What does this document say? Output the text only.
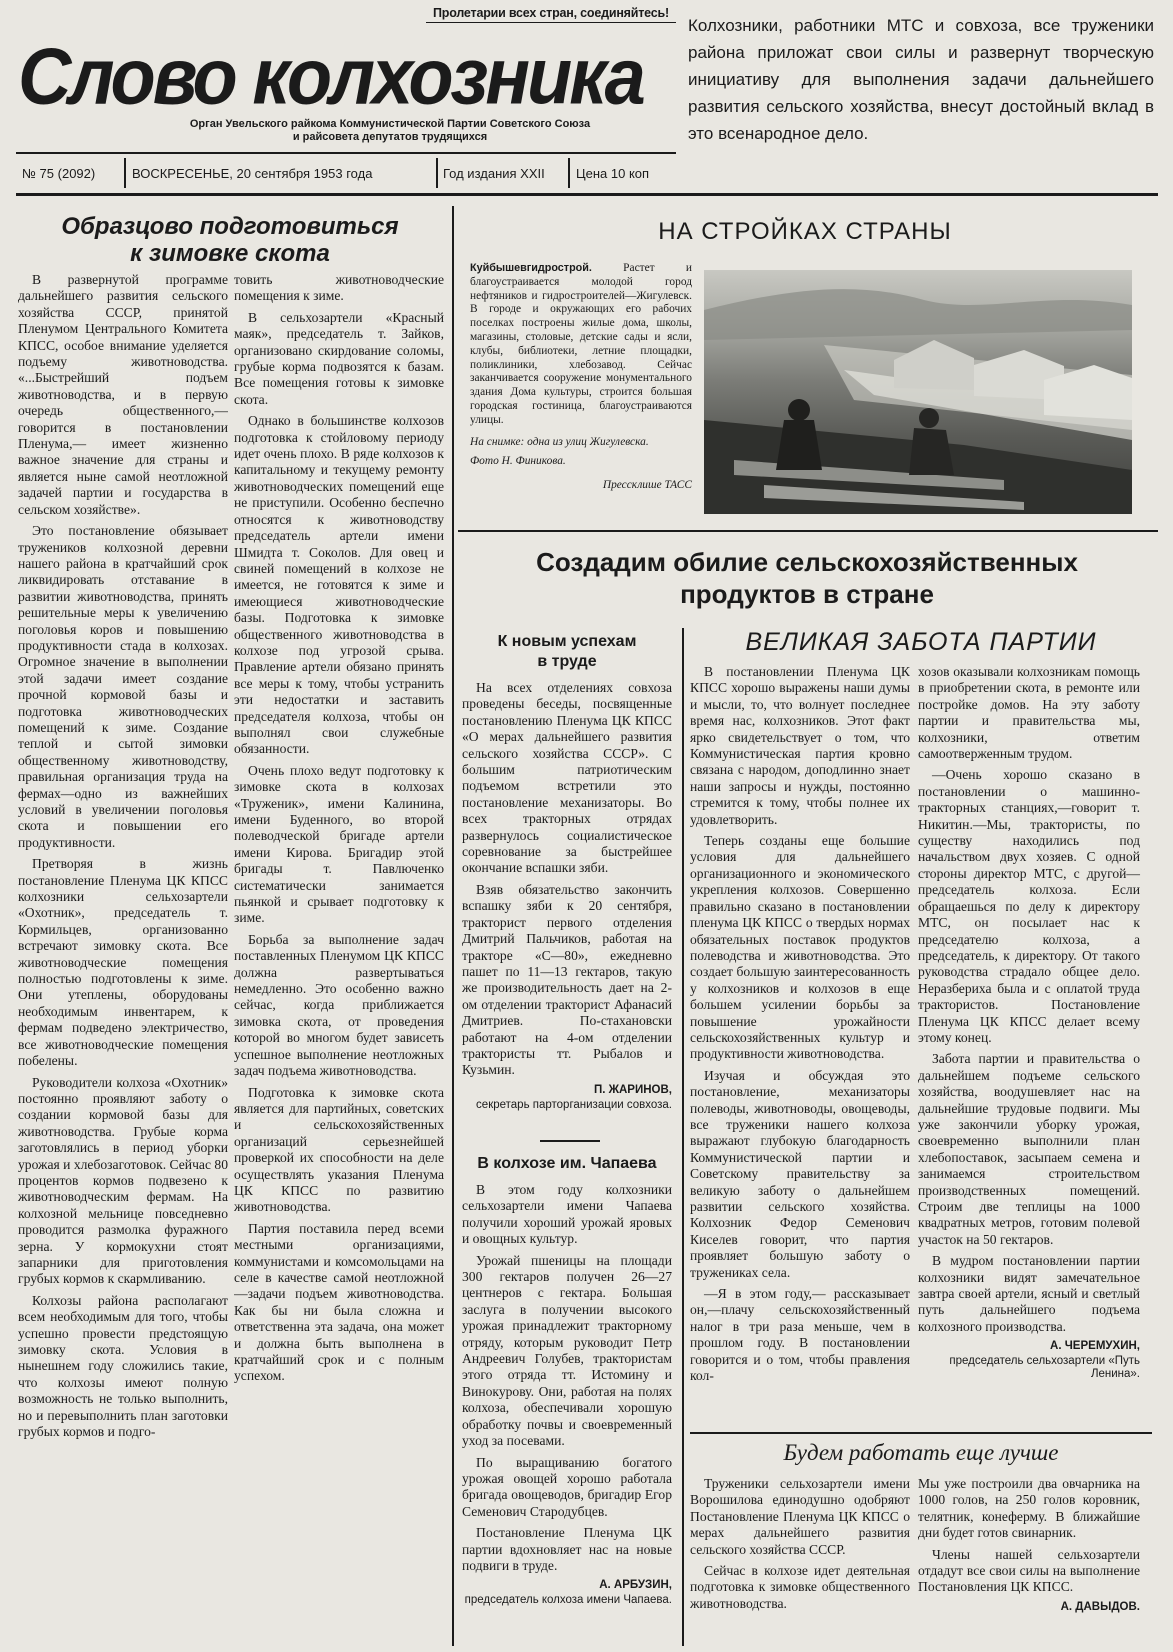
Пролетарии всех стран, соединяйтесь!
Слово колхозника
Орган Увельского райкома Коммунистической Партии Советского Союза
и райсовета депутатов трудящихся
№ 75 (2092)	ВОСКРЕСЕНЬЕ, 20 сентября 1953 года	Год издания XXII Цена 10 коп
Колхозники, работники МТС и совхоза, все труженики района приложат свои силы и развернут творческую инициативу для выполнения задачи дальнейшего развития сельского хозяйства, внесут достойный вклад в это всенародное дело.
Образцово подготовиться
к зимовке скота

В развернутой программе дальнейшего развития сельского хозяйства СССР, принятой Пленумом Центрального Комитета КПСС, особое внимание уделяется подъему животноводства. «...Быстрейший подъем животноводства, и в первую очередь общественного,— говорится в постановлении Пленума,— имеет жизненно важное значение для страны и является ныне самой неотложной задачей партии и государства в сельском хозяйстве».

Это постановление обязывает тружеников колхозной деревни нашего района в кратчайший срок ликвидировать отставание в развитии животноводства, принять решительные меры к увеличению поголовья коров и повышению продуктивности стада в колхозах. Огромное значение в выполнении этой задачи имеет создание прочной кормовой базы и подготовка животноводческих помещений к зиме. Создание теплой и сытой зимовки общественному животноводству, правильная организация труда на фермах—одно из важнейших условий в увеличении поголовья скота и повышении его продуктивности.

Претворяя в жизнь постановление Пленума ЦК КПСС колхозники сельхозартели «Охотник», председатель т. Кормильцев, организованно встречают зимовку скота. Все животноводческие помещения полностью подготовлены к зиме. Они утеплены, оборудованы необходимым инвентарем, к фермам подведено электричество, все животноводческие помещения побелены.

Руководители колхоза «Охотник» постоянно проявляют заботу о создании кормовой базы для животноводства. Грубые корма заготовлялись в период уборки урожая и хлебозаготовок. Сейчас 80 процентов кормов подвезено к животноводческим фермам. На колхозной мельнице повседневно проводится размолка фуражного зерна. У кормокухни стоят запарники для приготовления грубых кормов к скармливанию.

Колхозы района располагают всем необходимым для того, чтобы успешно провести предстоящую зимовку скота. Условия в нынешнем году сложились такие, что колхозы имеют полную возможность не только выполнить, но и перевыполнить план заготовки грубых кормов и подго-

товить животноводческие помещения к зиме.

В сельхозартели «Красный маяк», председатель т. Зайков, организовано скирдование соломы, грубые корма подвозятся к базам. Все помещения готовы к зимовке скота.

Однако в большинстве колхозов подготовка к стойловому периоду идет очень плохо. В ряде колхозов к капитальному и текущему ремонту животноводческих помещений еще не приступили. Особенно беспечно относятся к животноводству председатель артели имени Шмидта т. Соколов. Для овец и свиней помещений в колхозе не имеется, не готовятся к зиме и имеющиеся животноводческие базы. Подготовка к зимовке общественного животноводства в колхозе под угрозой срыва. Правление артели обязано принять все меры к тому, чтобы устранить эти недостатки и заставить председателя колхоза, чтобы он выполнял свои служебные обязанности.

Очень плохо ведут подготовку к зимовке скота в колхозах «Труженик», имени Калинина, имени Буденного, во второй полеводческой бригаде артели имени Кирова. Бригадир этой бригады т. Павлюченко систематически занимается пьянкой и срывает подготовку к зиме.

Борьба за выполнение задач поставленных Пленумом ЦК КПСС должна развертываться немедленно. Это особенно важно сейчас, когда приближается зимовка скота, от проведения которой во многом будет зависеть успешное выполнение неотложных задач подъема животноводства.

Подготовка к зимовке скота является для партийных, советских и сельскохозяйственных организаций серьезнейшей проверкой их способности на деле осуществлять указания Пленума ЦК КПСС по развитию животноводства.

Партия поставила перед всеми местными организациями, коммунистами и комсомольцами на селе в качестве самой неотложной—задачи подъем животноводства. Как бы ни была сложна и ответственна эта задача, она может и должна быть выполнена в кратчайший срок и с полным успехом.

НА СТРОЙКАХ СТРАНЫ
Куйбышевгидрострой. Растет и благоустраивается молодой город нефтяников и гидростроителей—Жигулевск. В городе и окружающих его рабочих поселках построены жилые дома, школы, магазины, столовые, детские сады и ясли, клубы, библиотеки, летние площадки, поликлиники, хлебозавод. Сейчас заканчивается сооружение монументального здания Дома культуры, строится большая городская гостиница, благоустраиваются улицы.
На снимке: одна из улиц Жигулевска.
Фото Н. Финикова.
Прессклише ТАСС
Создадим обилие сельскохозяйственных
продуктов в стране
К новым успехам
в труде

На всех отделениях совхоза проведены беседы, посвященные постановлению Пленума ЦК КПСС «О мерах дальнейшего развития сельского хозяйства СССР». С большим патриотическим подъемом встретили это постановление механизаторы. Во всех тракторных отрядах развернулось социалистическое соревнование за быстрейшее окончание вспашки зяби.

Взяв обязательство закончить вспашку зяби к 20 сентября, тракторист первого отделения Дмитрий Пальчиков, работая на тракторе «С—80», ежедневно пашет по 11—13 гектаров, такую же производительность дает на 2-ом отделении тракторист Афанасий Дмитриев. По-стахановски работают на 4-ом отделении трактористы тт. Рыбалов и Кузьмин.

П. ЖАРИНОВ,
секретарь парторганизации совхоза.
В колхозе им. Чапаева

В этом году колхозники сельхозартели имени Чапаева получили хороший урожай яровых и овощных культур.

Урожай пшеницы на площади 300 гектаров получен 26—27 центнеров с гектара. Большая заслуга в получении высокого урожая принадлежит тракторному отряду, которым руководит Петр Андреевич Голубев, трактористам этого отряда тт. Истомину и Винокурову. Они, работая на полях колхоза, обеспечивали хорошую обработку почвы и своевременный уход за посевами.

По выращиванию богатого урожая овощей хорошо работала бригада овощеводов, бригадир Егор Семенович Стародубцев.

Постановление Пленума ЦК партии вдохновляет нас на новые подвиги в труде.

А. АРБУЗИН,
председатель колхоза имени Чапаева.
ВЕЛИКАЯ ЗАБОТА ПАРТИИ

В постановлении Пленума ЦК КПСС хорошо выражены наши думы и мысли, то, что волнует последнее время нас, колхозников. Этот факт ярко свидетельствует о том, что Коммунистическая партия кровно связана с народом, доподлинно знает наши запросы и нужды, постоянно стремится к тому, чтобы полнее их удовлетворить.

Теперь созданы еще большие условия для дальнейшего организационного и экономического укрепления колхозов. Совершенно правильно сказано в постановлении пленума ЦК КПСС о твердых нормах обязательных поставок продуктов полеводства и животноводства. Это создает большую заинтересованность у колхозников и колхозов в еще большем усилении борьбы за повышение урожайности сельскохозяйственных культур и продуктивности животноводства.

Изучая и обсуждая это постановление, механизаторы полеводы, животноводы, овощеводы, все труженики нашего колхоза выражают глубокую благодарность Коммунистической партии и Советскому правительству за великую заботу о дальнейшем развитии сельского хозяйства. Колхозник Федор Семенович Киселев говорит, что партия проявляет большую заботу о тружениках села.

—Я в этом году,— рассказывает он,—плачу сельскохозяйственный налог в три раза меньше, чем в прошлом году. В постановлении говорится и о том, чтобы правления кол-

хозов оказывали колхозникам помощь в приобретении скота, в ремонте или постройке домов. На эту заботу партии и правительства мы, колхозники, ответим самоотверженным трудом.

—Очень хорошо сказано в постановлении о машинно-тракторных станциях,—говорит т. Никитин.—Мы, трактористы, по существу находились под начальством двух хозяев. С одной стороны директор МТС, с другой—председатель колхоза. Если обращаешься по делу к директору МТС, он посылает нас к председателю колхоза, а председатель, к директору. От такого руководства страдало общее дело. Неразбериха была и с оплатой труда трактористов. Постановление Пленума ЦК КПСС делает всему этому конец.

Забота партии и правительства о дальнейшем подъеме сельского хозяйства, воодушевляет нас на дальнейшие трудовые подвиги. Мы уже закончили уборку урожая, своевременно выполнили план хлебопоставок, засыпаем семена и занимаемся строительством производственных помещений. Строим две теплицы на 1000 квадратных метров, готовим полевой участок на 50 гектаров.

В мудром постановлении партии колхозники видят замечательное завтра своей артели, ясный и светлый путь дальнейшего подъема колхозного производства.

А. ЧЕРЕМУХИН,
председатель сельхозартели «Путь Ленина».
Будем работать еще лучше

Труженики сельхозартели имени Ворошилова единодушно одобряют Постановление Пленума ЦК КПСС о мерах дальнейшего развития сельского хозяйства СССР.

Сейчас в колхозе идет деятельная подготовка к зимовке общественного животноводства.

Мы уже построили два овчарника на 1000 голов, на 250 голов коровник, телятник, конеферму. В ближайшие дни будет готов свинарник.

Члены нашей сельхозартели отдадут все свои силы на выполнение Постановления ЦК КПСС.

А. ДАВЫДОВ.
